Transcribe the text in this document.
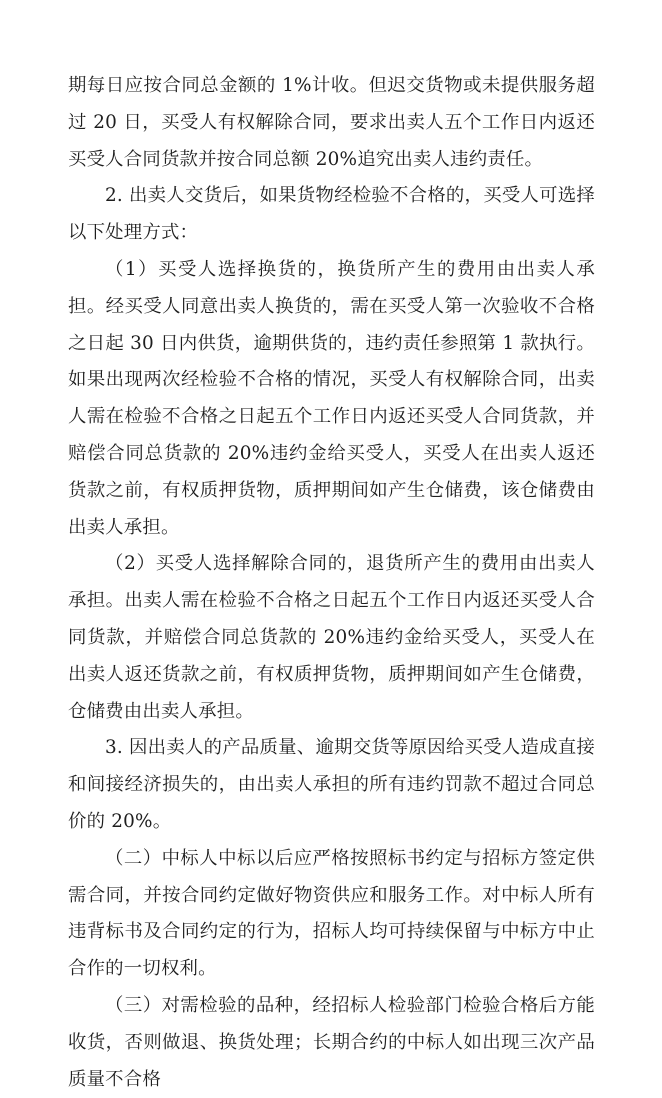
期每日应按合同总金额的 1%计收。但迟交货物或未提供服务超过 20 日，买受人有权解除合同，要求出卖人五个工作日内返还买受人合同货款并按合同总额 20%追究出卖人违约责任。

2. 出卖人交货后，如果货物经检验不合格的，买受人可选择以下处理方式：

（1）买受人选择换货的，换货所产生的费用由出卖人承担。经买受人同意出卖人换货的，需在买受人第一次验收不合格之日起 30 日内供货，逾期供货的，违约责任参照第 1 款执行。如果出现两次经检验不合格的情况，买受人有权解除合同，出卖人需在检验不合格之日起五个工作日内返还买受人合同货款，并赔偿合同总货款的 20%违约金给买受人，买受人在出卖人返还货款之前，有权质押货物，质押期间如产生仓储费，该仓储费由出卖人承担。

（2）买受人选择解除合同的，退货所产生的费用由出卖人承担。出卖人需在检验不合格之日起五个工作日内返还买受人合同货款，并赔偿合同总货款的 20%违约金给买受人，买受人在出卖人返还货款之前，有权质押货物，质押期间如产生仓储费，仓储费由出卖人承担。

3. 因出卖人的产品质量、逾期交货等原因给买受人造成直接和间接经济损失的，由出卖人承担的所有违约罚款不超过合同总价的 20%。

（二）中标人中标以后应严格按照标书约定与招标方签定供需合同，并按合同约定做好物资供应和服务工作。对中标人所有违背标书及合同约定的行为，招标人均可持续保留与中标方中止合作的一切权利。

（三）对需检验的品种，经招标人检验部门检验合格后方能收货，否则做退、换货处理；长期合约的中标人如出现三次产品质量不合格
